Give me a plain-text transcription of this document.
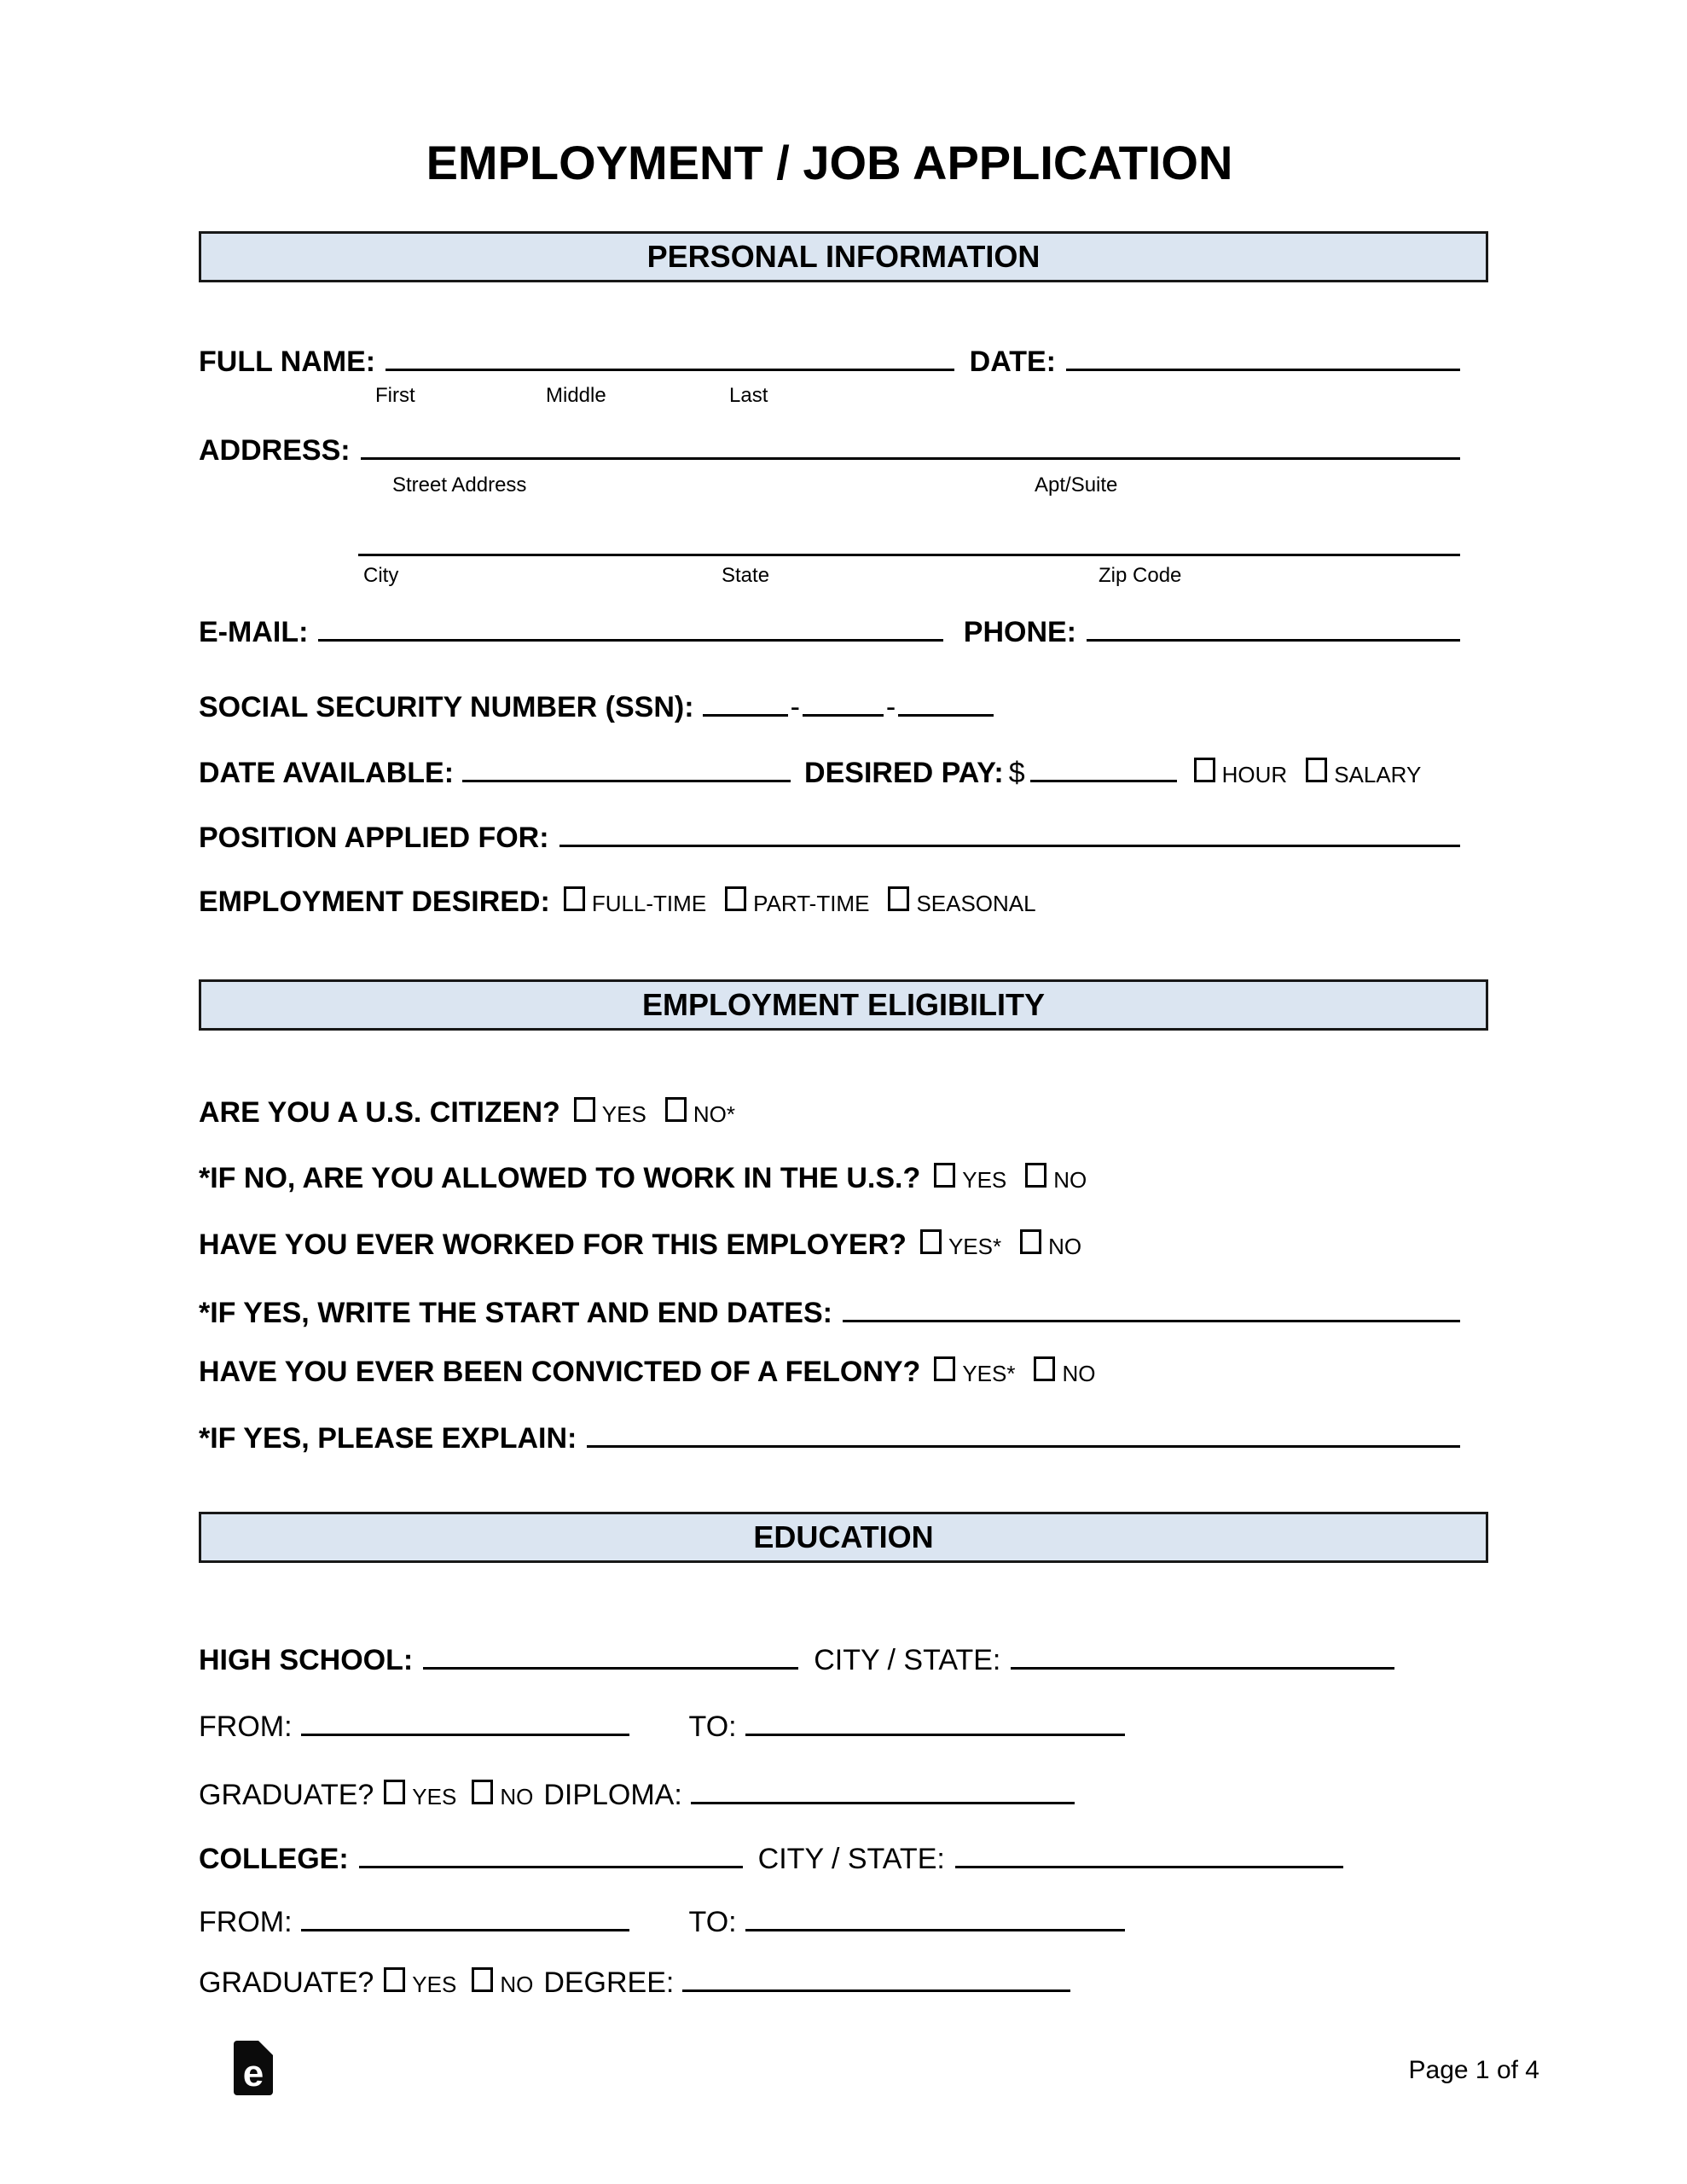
EMPLOYMENT / JOB APPLICATION
PERSONAL INFORMATION
FULL NAME:	DATE:
First	Middle	Last
ADDRESS:
Street Address	Apt/Suite
City	State	Zip Code
E-MAIL:	PHONE:
SOCIAL SECURITY NUMBER (SSN):	-	-
DATE AVAILABLE:	DESIRED PAY: $	HOUR SALARY
POSITION APPLIED FOR:
EMPLOYMENT DESIRED: FULL-TIME PART-TIME SEASONAL
EMPLOYMENT ELIGIBILITY
ARE YOU A U.S. CITIZEN? YES NO*
*IF NO, ARE YOU ALLOWED TO WORK IN THE U.S.? YES NO
HAVE YOU EVER WORKED FOR THIS EMPLOYER? YES* NO
*IF YES, WRITE THE START AND END DATES:
HAVE YOU EVER BEEN CONVICTED OF A FELONY? YES* NO
*IF YES, PLEASE EXPLAIN:
EDUCATION
HIGH SCHOOL:	CITY / STATE:
FROM:	TO:
GRADUATE? YES NO DIPLOMA:
COLLEGE:	CITY / STATE:
FROM:	TO:
GRADUATE? YES NO DEGREE:
e	Page 1 of 4
